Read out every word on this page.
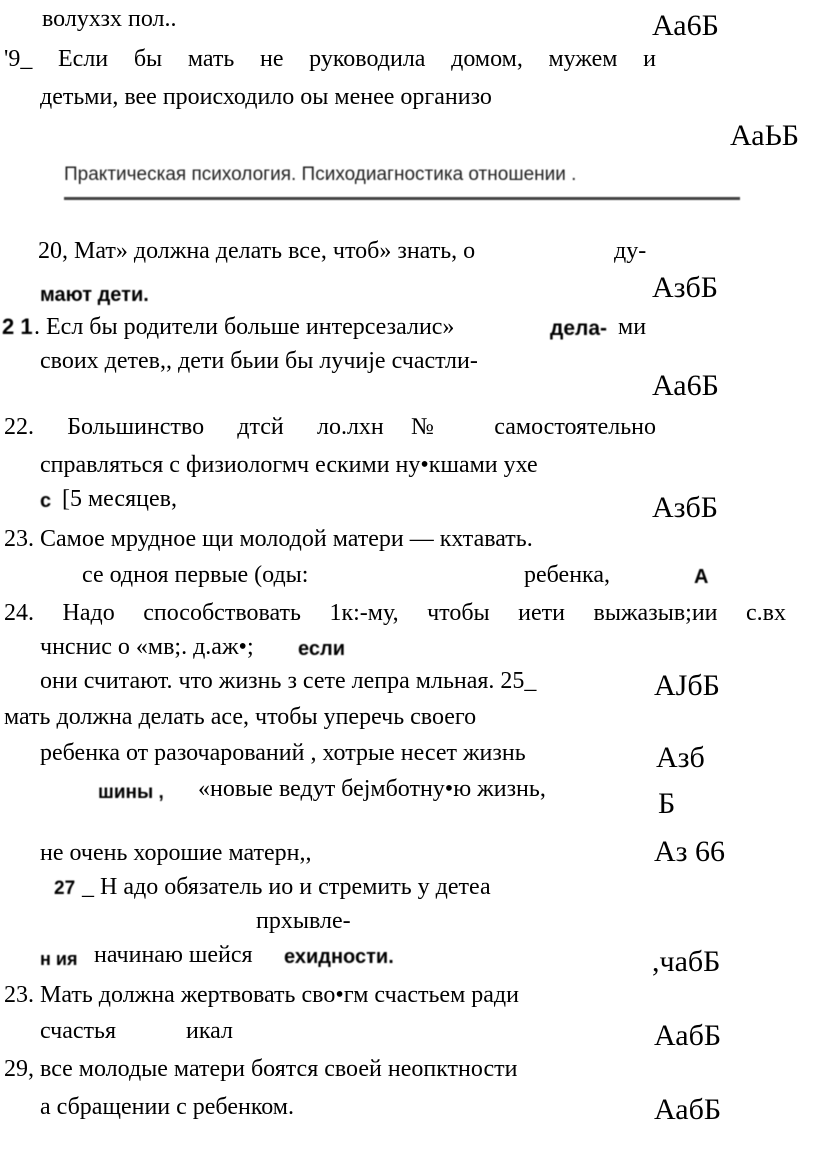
волухзх пол..	Аа6Б
'9_ Если бы мать не руководила домом, мужем и
детьми, вее происходило оы менее организо
АаЬБ
Практическая психология. Психодиагностика отношении .
20, Мат» должна делать все, чтоб» знать, о	ду-
мают дети.	АзбБ
2 1 . Есл бы родители больше интерсезалис»	дела- ми
своих детев,, дети бьии бы лучије счастли-
Аа6Б
22. Большинство дтсй ло.лхн№ самостоятельно
справляться с физиологмч ескими ну•кшами ухе
с [5 месяцев,	АзбБ
23. Самое мрудное щи молодой матери — кхтавать.
се одноя первые (оды:	ребенка,	А
24. Надо способствовать 1к:-му, чтобы иети выжазыв;ии с.вх
чнснис о «мв;. д.аж•; если
они считают. что жизнь з сете лепра мльная. 25_	АЈбБ
мать должна делать асе, чтобы уперечь своего
ребенка от разочарований , хотрые несет жизнь	Азб
шины , «новые ведут бејмботну•ю жизнь,	Б
не очень хорошие матерн,,	Аз 66
27 _ Н адо обязатель ио и стремить у детеа
прхывле-
н ия начинаю шейся ехидности.	,чабБ
23. Мать должна жертвовать сво•гм счастьем ради
счастья	икал	АабБ
29, все молодые матери боятся своей неопктности
а сбращении с ребенком.	АабБ
